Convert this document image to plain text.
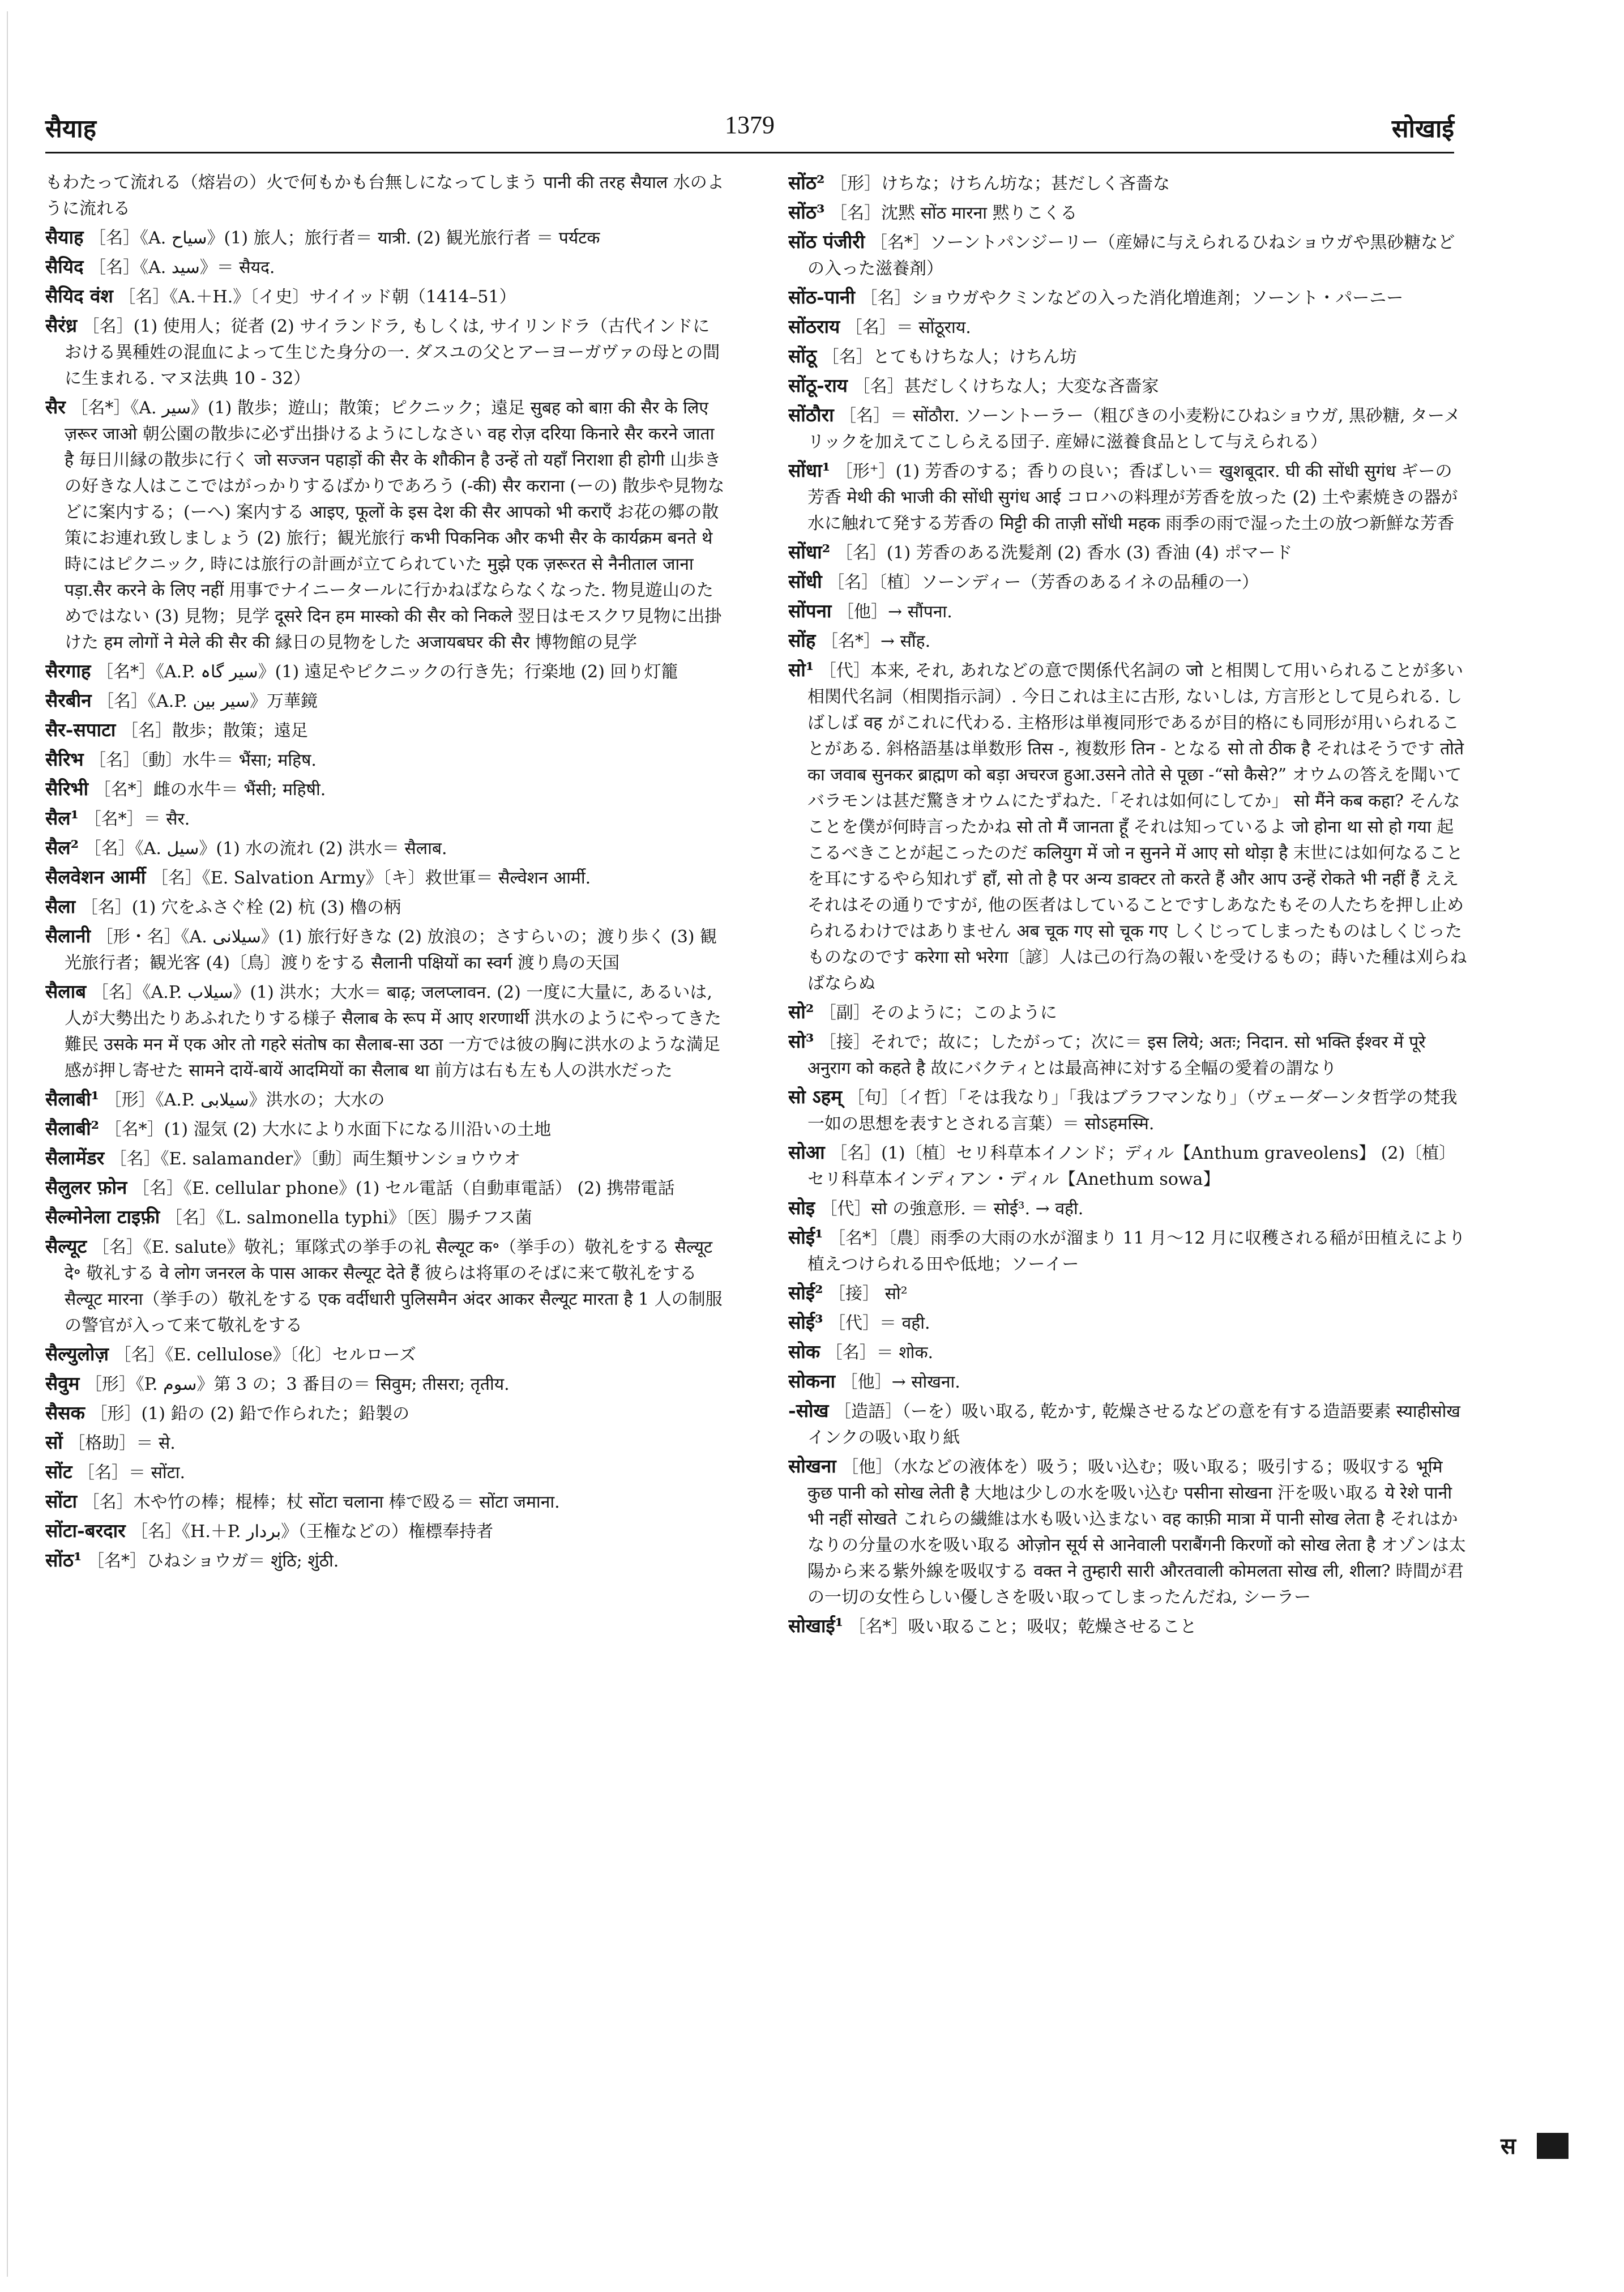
सैयाह	1379	सोखाई
もわたって流れる（熔岩の）火で何もかも台無しになってしまう पानी की तरह सैयाल 水のように流れる
सैयाह ［名］《A. سیاح》(1) 旅人；旅行者＝ यात्री. (2) 観光旅行者 ＝ पर्यटक
सैयिद ［名］《A. سید》＝ सैयद.
सैयिद वंश ［名］《A.＋H.》〔イ史〕サイイッド朝（1414–51）
सैरंध्र ［名］(1) 使用人；従者 (2) サイランドラ, もしくは, サイリンドラ（古代インドにおける異種姓の混血によって生じた身分の一. ダスユの父とアーヨーガヴァの母との間に生まれる. マヌ法典 10 - 32）
सैर ［名*］《A. سیر》(1) 散歩；遊山；散策；ピクニック；遠足 सुबह को बाग़ की सैर के लिए ज़रूर जाओ 朝公園の散歩に必ず出掛けるようにしなさい वह रोज़ दरिया किनारे सैर करने जाता है 毎日川縁の散歩に行く जो सज्जन पहाड़ों की सैर के शौकीन है उन्हें तो यहाँ निराशा ही होगी 山歩きの好きな人はここではがっかりするばかりであろう (-की) सैर कराना (ーの) 散歩や見物などに案内する；(ーへ) 案内する आइए, फूलों के इस देश की सैर आपको भी कराएँ お花の郷の散策にお連れ致しましょう (2) 旅行；観光旅行 कभी पिकनिक और कभी सैर के कार्यक्रम बनते थे 時にはピクニック, 時には旅行の計画が立てられていた मुझे एक ज़रूरत से नैनीताल जाना पड़ा.सैर करने के लिए नहीं 用事でナイニータールに行かねばならなくなった. 物見遊山のためではない (3) 見物；見学 दूसरे दिन हम मास्को की सैर को निकले 翌日はモスクワ見物に出掛けた हम लोगों ने मेले की सैर की 縁日の見物をした अजायबघर की सैर 博物館の見学
सैरगाह ［名*］《A.P. سیر گاہ》(1) 遠足やピクニックの行き先；行楽地 (2) 回り灯籠
सैरबीन ［名］《A.P. سیر بین》万華鏡
सैर-सपाटा ［名］散歩；散策；遠足
सैरिभ ［名］〔動〕水牛＝ भैंसा; महिष.
सैरिभी ［名*］雌の水牛＝ भैंसी; महिषी.
सैल¹ ［名*］＝ सैर.
सैल² ［名］《A. سیل》(1) 水の流れ (2) 洪水＝ सैलाब.
सैलवेशन आर्मी ［名］《E. Salvation Army》〔キ〕救世軍＝ सैल्वेशन आर्मी.
सैला ［名］(1) 穴をふさぐ栓 (2) 杭 (3) 櫓の柄
सैलानी ［形・名］《A. سیلانی》(1) 旅行好きな (2) 放浪の；さすらいの；渡り歩く (3) 観光旅行者；観光客 (4)〔鳥〕渡りをする सैलानी पक्षियों का स्वर्ग 渡り鳥の天国
सैलाब ［名］《A.P. سیلاب》(1) 洪水；大水＝ बाढ़; जलप्लावन. (2) 一度に大量に, あるいは, 人が大勢出たりあふれたりする様子 सैलाब के रूप में आए शरणार्थी 洪水のようにやってきた難民 उसके मन में एक ओर तो गहरे संतोष का सैलाब-सा उठा 一方では彼の胸に洪水のような満足感が押し寄せた सामने दायें-बायें आदमियों का सैलाब था 前方は右も左も人の洪水だった
सैलाबी¹ ［形］《A.P. سیلابی》洪水の；大水の
सैलाबी² ［名*］(1) 湿気 (2) 大水により水面下になる川沿いの土地
सैलामेंडर ［名］《E. salamander》〔動〕両生類サンショウウオ
सैलुलर फ़ोन ［名］《E. cellular phone》(1) セル電話（自動車電話） (2) 携帯電話
सैल्मोनेला टाइफ़ी ［名］《L. salmonella typhi》〔医〕腸チフス菌
सैल्यूट ［名］《E. salute》敬礼；軍隊式の挙手の礼 सैल्यूट क॰（挙手の）敬礼をする सैल्यूट दे॰ 敬礼する वे लोग जनरल के पास आकर सैल्यूट देते हैं 彼らは将軍のそばに来て敬礼をする सैल्यूट मारना（挙手の）敬礼をする एक वर्दीधारी पुलिसमैन अंदर आकर सैल्यूट मारता है 1 人の制服の警官が入って来て敬礼をする
सैल्युलोज़ ［名］《E. cellulose》〔化〕セルローズ
सैवुम ［形］《P. سوم》第 3 の；3 番目の＝ सिवुम; तीसरा; तृतीय.
सैसक ［形］(1) 鉛の (2) 鉛で作られた；鉛製の
सों ［格助］＝ से.
सोंट ［名］＝ सोंटा.
सोंटा ［名］木や竹の棒；棍棒；杖 सोंटा चलाना 棒で殴る＝ सोंटा जमाना.
सोंटा-बरदार ［名］《H.＋P. بردار》（王権などの）権標奉持者
सोंठ¹ ［名*］ひねショウガ＝ शुंठि; शुंठी.
सोंठ² ［形］けちな；けちん坊な；甚だしく吝嗇な
सोंठ³ ［名］沈黙 सोंठ मारना 黙りこくる
सोंठ पंजीरी ［名*］ソーントパンジーリー（産婦に与えられるひねショウガや黒砂糖などの入った滋養剤）
सोंठ-पानी ［名］ショウガやクミンなどの入った消化増進剤；ソーント・パーニー
सोंठराय ［名］＝ सोंठूराय.
सोंठू ［名］とてもけちな人；けちん坊
सोंठू-राय ［名］甚だしくけちな人；大変な吝嗇家
सोंठौरा ［名］＝ सोंठौरा. ソーントーラー（粗びきの小麦粉にひねショウガ, 黒砂糖, ターメリックを加えてこしらえる団子. 産婦に滋養食品として与えられる）
सोंधा¹ ［形⁺］(1) 芳香のする；香りの良い；香ばしい＝ खुशबूदार. घी की सोंधी सुगंध ギーの芳香 मेथी की भाजी की सोंधी सुगंध आई コロハの料理が芳香を放った (2) 土や素焼きの器が水に触れて発する芳香の मिट्टी की ताज़ी सोंधी महक 雨季の雨で湿った土の放つ新鮮な芳香
सोंधा² ［名］(1) 芳香のある洗髪剤 (2) 香水 (3) 香油 (4) ポマード
सोंधी ［名］〔植〕ソーンディー（芳香のあるイネの品種の一）
सोंपना ［他］→ सौंपना.
सोंह ［名*］→ सौंह.
सो¹ ［代］本来, それ, あれなどの意で関係代名詞の जो と相関して用いられることが多い相関代名詞（相関指示詞）. 今日これは主に古形, ないしは, 方言形として見られる. しばしば वह がこれに代わる. 主格形は単複同形であるが目的格にも同形が用いられることがある. 斜格語基は単数形 तिस -, 複数形 तिन - となる सो तो ठीक है それはそうです तोते का जवाब सुनकर ब्राह्मण को बड़ा अचरज हुआ.उसने तोते से पूछा -“सो कैसे?” オウムの答えを聞いてバラモンは甚だ驚きオウムにたずねた.「それは如何にしてか」 सो मैंने कब कहा? そんなことを僕が何時言ったかね सो तो मैं जानता हूँ それは知っているよ जो होना था सो हो गया 起こるべきことが起こったのだ कलियुग में जो न सुनने में आए सो थोड़ा है 末世には如何なることを耳にするやら知れず हाँ, सो तो है पर अन्य डाक्टर तो करते हैं और आप उन्हें रोकते भी नहीं हैं ええそれはその通りですが, 他の医者はしていることですしあなたもその人たちを押し止められるわけではありません अब चूक गए सो चूक गए しくじってしまったものはしくじったものなのです करेगा सो भरेगा〔諺〕人は己の行為の報いを受けるもの；蒔いた種は刈らねばならぬ
सो² ［副］そのように；このように
सो³ ［接］それで；故に；したがって；次に＝ इस लिये; अतः; निदान. सो भक्ति ईश्वर में पूरे अनुराग को कहते है 故にバクティとは最高神に対する全幅の愛着の謂なり
सो ऽहम् ［句］〔イ哲〕「そは我なり」「我はブラフマンなり」（ヴェーダーンタ哲学の梵我一如の思想を表すとされる言葉）＝ सोऽहमस्मि.
सोआ ［名］(1)〔植〕セリ科草本イノンド；ディル【Anthum graveolens】 (2)〔植〕セリ科草本インディアン・ディル【Anethum sowa】
सोइ ［代］सो の強意形. ＝ सोई³. → वही.
सोई¹ ［名*］〔農〕雨季の大雨の水が溜まり 11 月～12 月に収穫される稲が田植えにより植えつけられる田や低地；ソーイー
सोई² ［接］ सो²
सोई³ ［代］＝ वही.
सोक ［名］＝ शोक.
सोकना ［他］→ सोखना.
-सोख ［造語］（ーを）吸い取る, 乾かす, 乾燥させるなどの意を有する造語要素 स्याहीसोख インクの吸い取り紙
सोखना ［他］（水などの液体を）吸う；吸い込む；吸い取る；吸引する；吸収する भूमि कुछ पानी को सोख लेती है 大地は少しの水を吸い込む पसीना सोखना 汗を吸い取る ये रेशे पानी भी नहीं सोखते これらの繊維は水も吸い込まない वह काफ़ी मात्रा में पानी सोख लेता है それはかなりの分量の水を吸い取る ओज़ोन सूर्य से आनेवाली पराबैंगनी किरणों को सोख लेता है オゾンは太陽から来る紫外線を吸収する वक्त ने तुम्हारी सारी औरतवाली कोमलता सोख ली, शीला? 時間が君の一切の女性らしい優しさを吸い取ってしまったんだね, シーラー
सोखाई¹ ［名*］吸い取ること；吸収；乾燥させること
स
